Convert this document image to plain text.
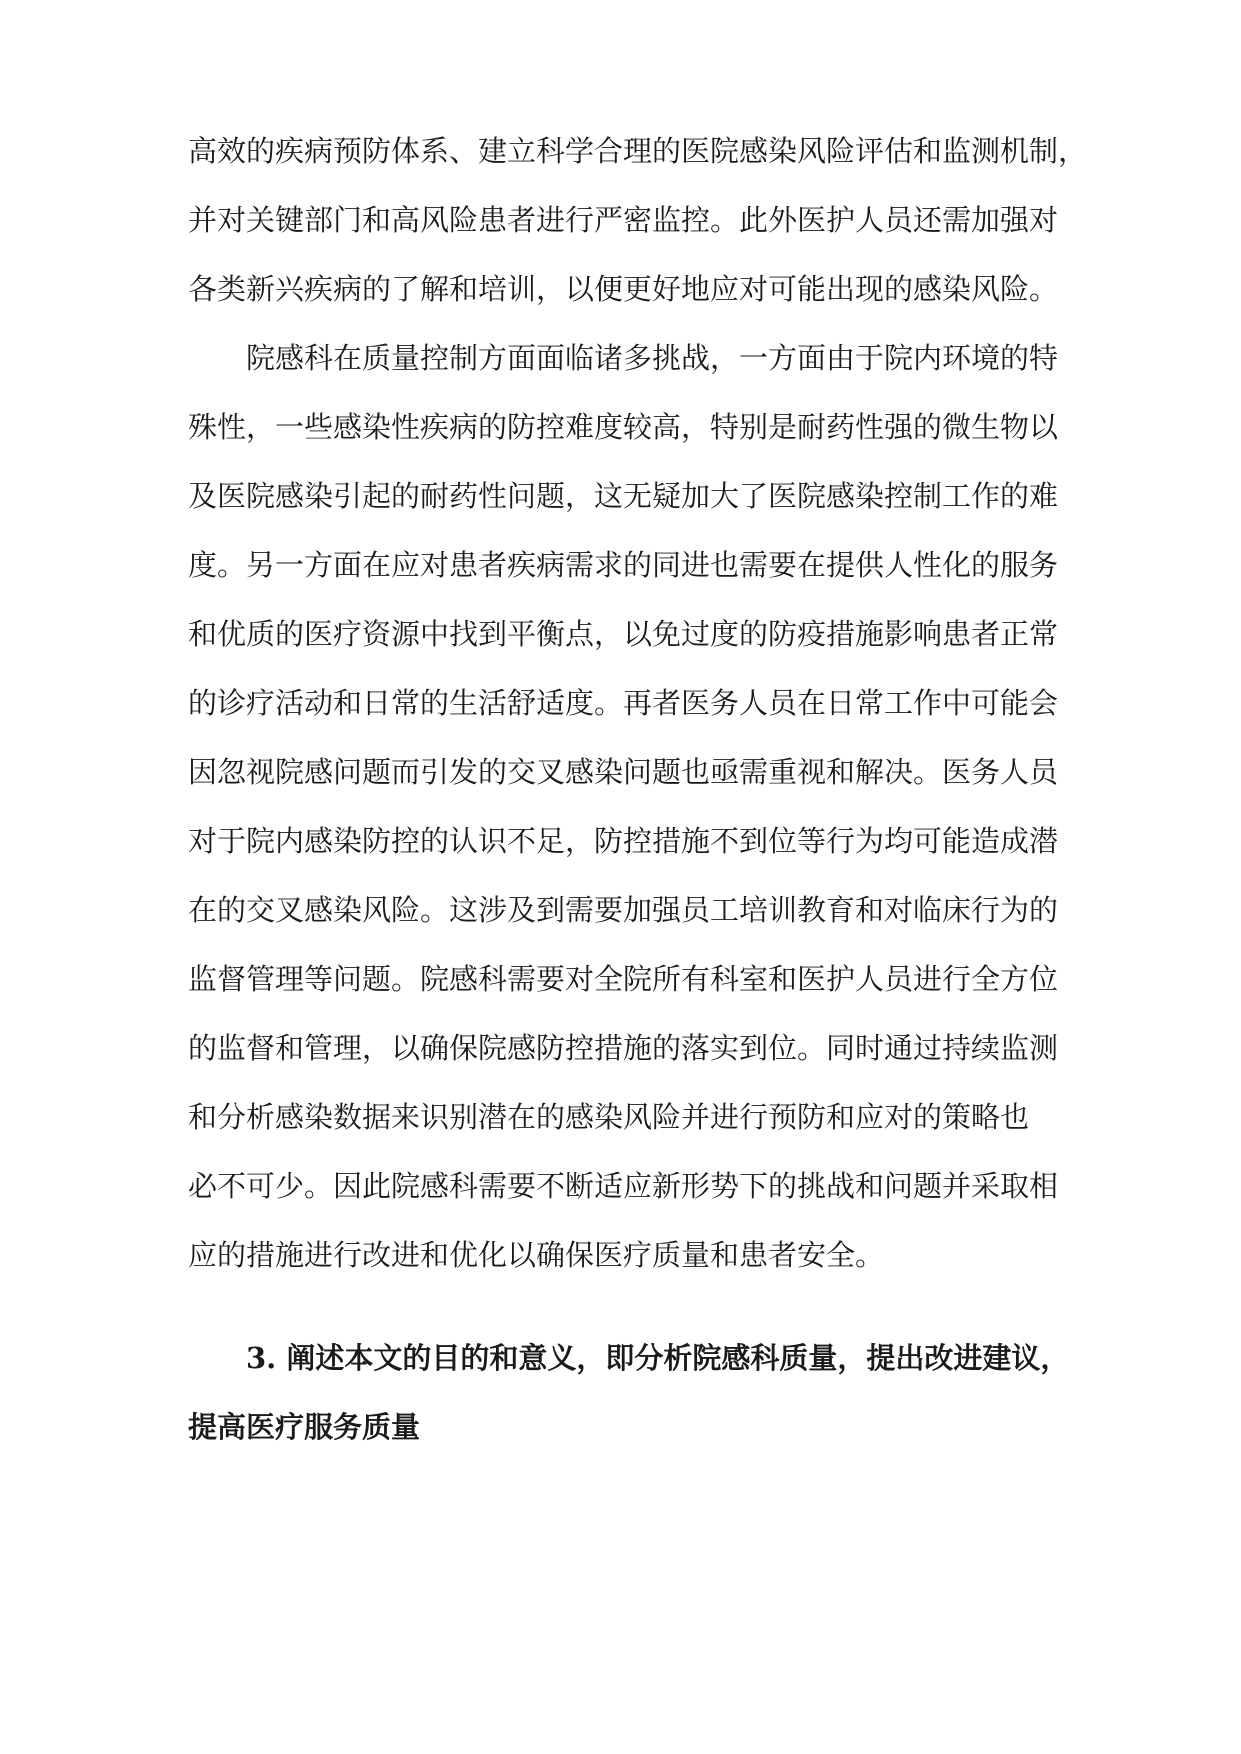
高效的疾病预防体系、建立科学合理的医院感染风险评估和监测机制，
并对关键部门和高风险患者进行严密监控。此外医护人员还需加强对
各类新兴疾病的了解和培训，以便更好地应对可能出现的感染风险。
院感科在质量控制方面面临诸多挑战，一方面由于院内环境的特
殊性，一些感染性疾病的防控难度较高，特别是耐药性强的微生物以
及医院感染引起的耐药性问题，这无疑加大了医院感染控制工作的难
度。另一方面在应对患者疾病需求的同进也需要在提供人性化的服务
和优质的医疗资源中找到平衡点，以免过度的防疫措施影响患者正常
的诊疗活动和日常的生活舒适度。再者医务人员在日常工作中可能会
因忽视院感问题而引发的交叉感染问题也亟需重视和解决。医务人员
对于院内感染防控的认识不足，防控措施不到位等行为均可能造成潜
在的交叉感染风险。这涉及到需要加强员工培训教育和对临床行为的
监督管理等问题。院感科需要对全院所有科室和医护人员进行全方位
的监督和管理，以确保院感防控措施的落实到位。同时通过持续监测
和分析感染数据来识别潜在的感染风险并进行预防和应对的策略也
必不可少。因此院感科需要不断适应新形势下的挑战和问题并采取相
应的措施进行改进和优化以确保医疗质量和患者安全。
3. 阐述本文的目的和意义，即分析院感科质量，提出改进建议，
提高医疗服务质量
